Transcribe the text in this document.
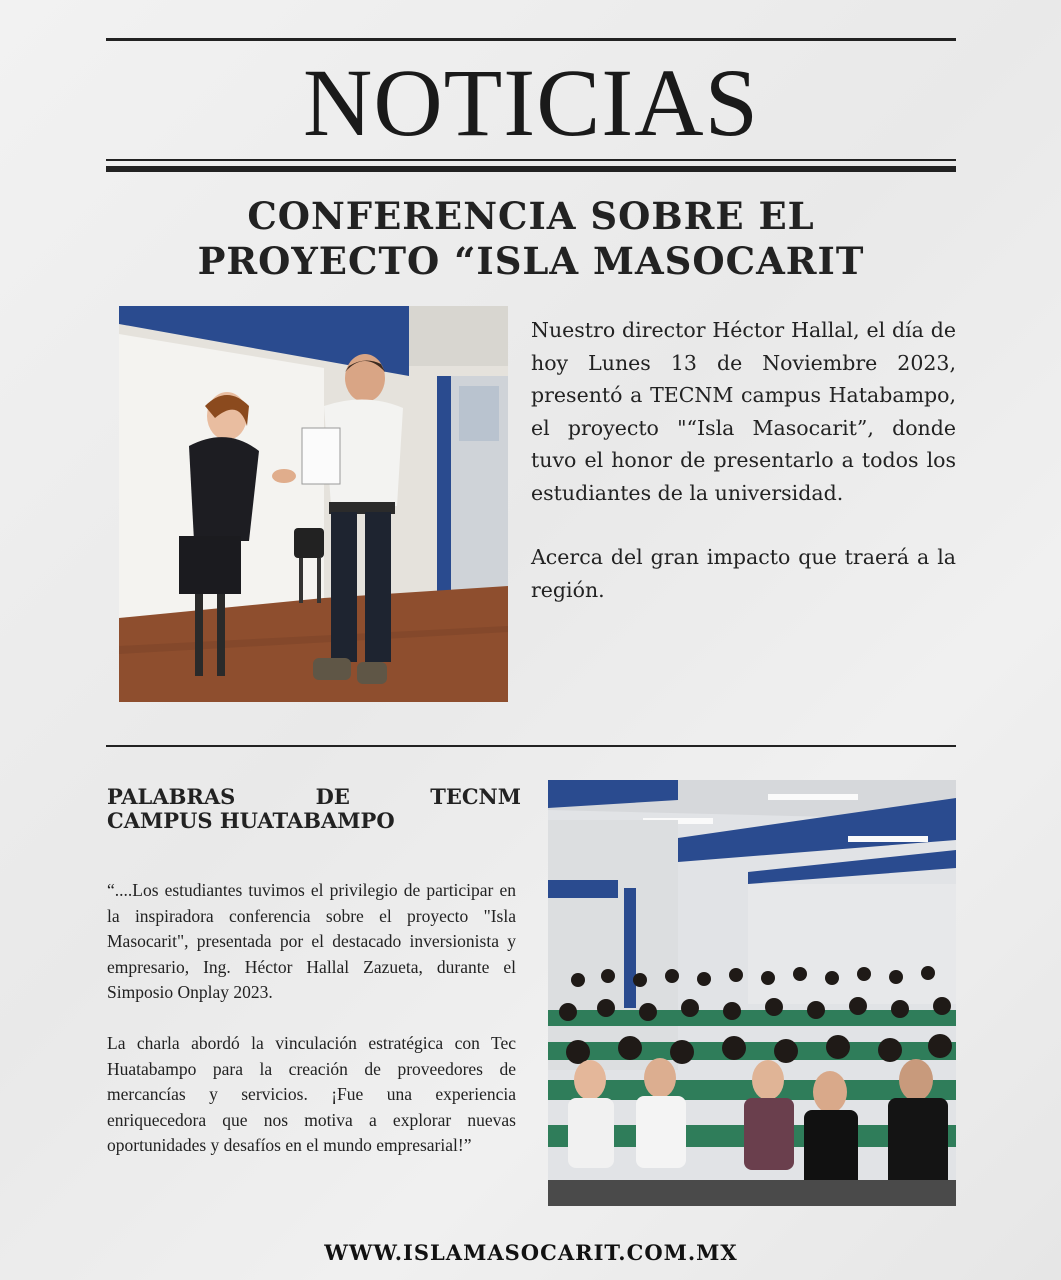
NOTICIAS
CONFERENCIA SOBRE EL
PROYECTO “ISLA MASOCARIT

Nuestro director Héctor Hallal, el día de hoy Lunes 13 de Noviembre 2023, presentó a TECNM campus Hatabampo, el proyecto "“Isla Masocarit”, donde tuvo el honor de presentarlo a todos los estudiantes de la universidad.

Acerca del gran impacto que traerá a la región.

PALABRAS DE TECNM
CAMPUS HUATABAMPO

“....Los estudiantes tuvimos el privilegio de participar en la inspiradora conferencia sobre el proyecto "Isla Masocarit", presentada por el destacado inversionista y empresario, Ing. Héctor Hallal Zazueta, durante el Simposio Onplay 2023.

La charla abordó la vinculación estratégica con Tec Huatabampo para la creación de proveedores de mercancías y servicios. ¡Fue una experiencia enriquecedora que nos motiva a explorar nuevas oportunidades y desafíos en el mundo empresarial!”

WWW.ISLAMASOCARIT.COM.MX
